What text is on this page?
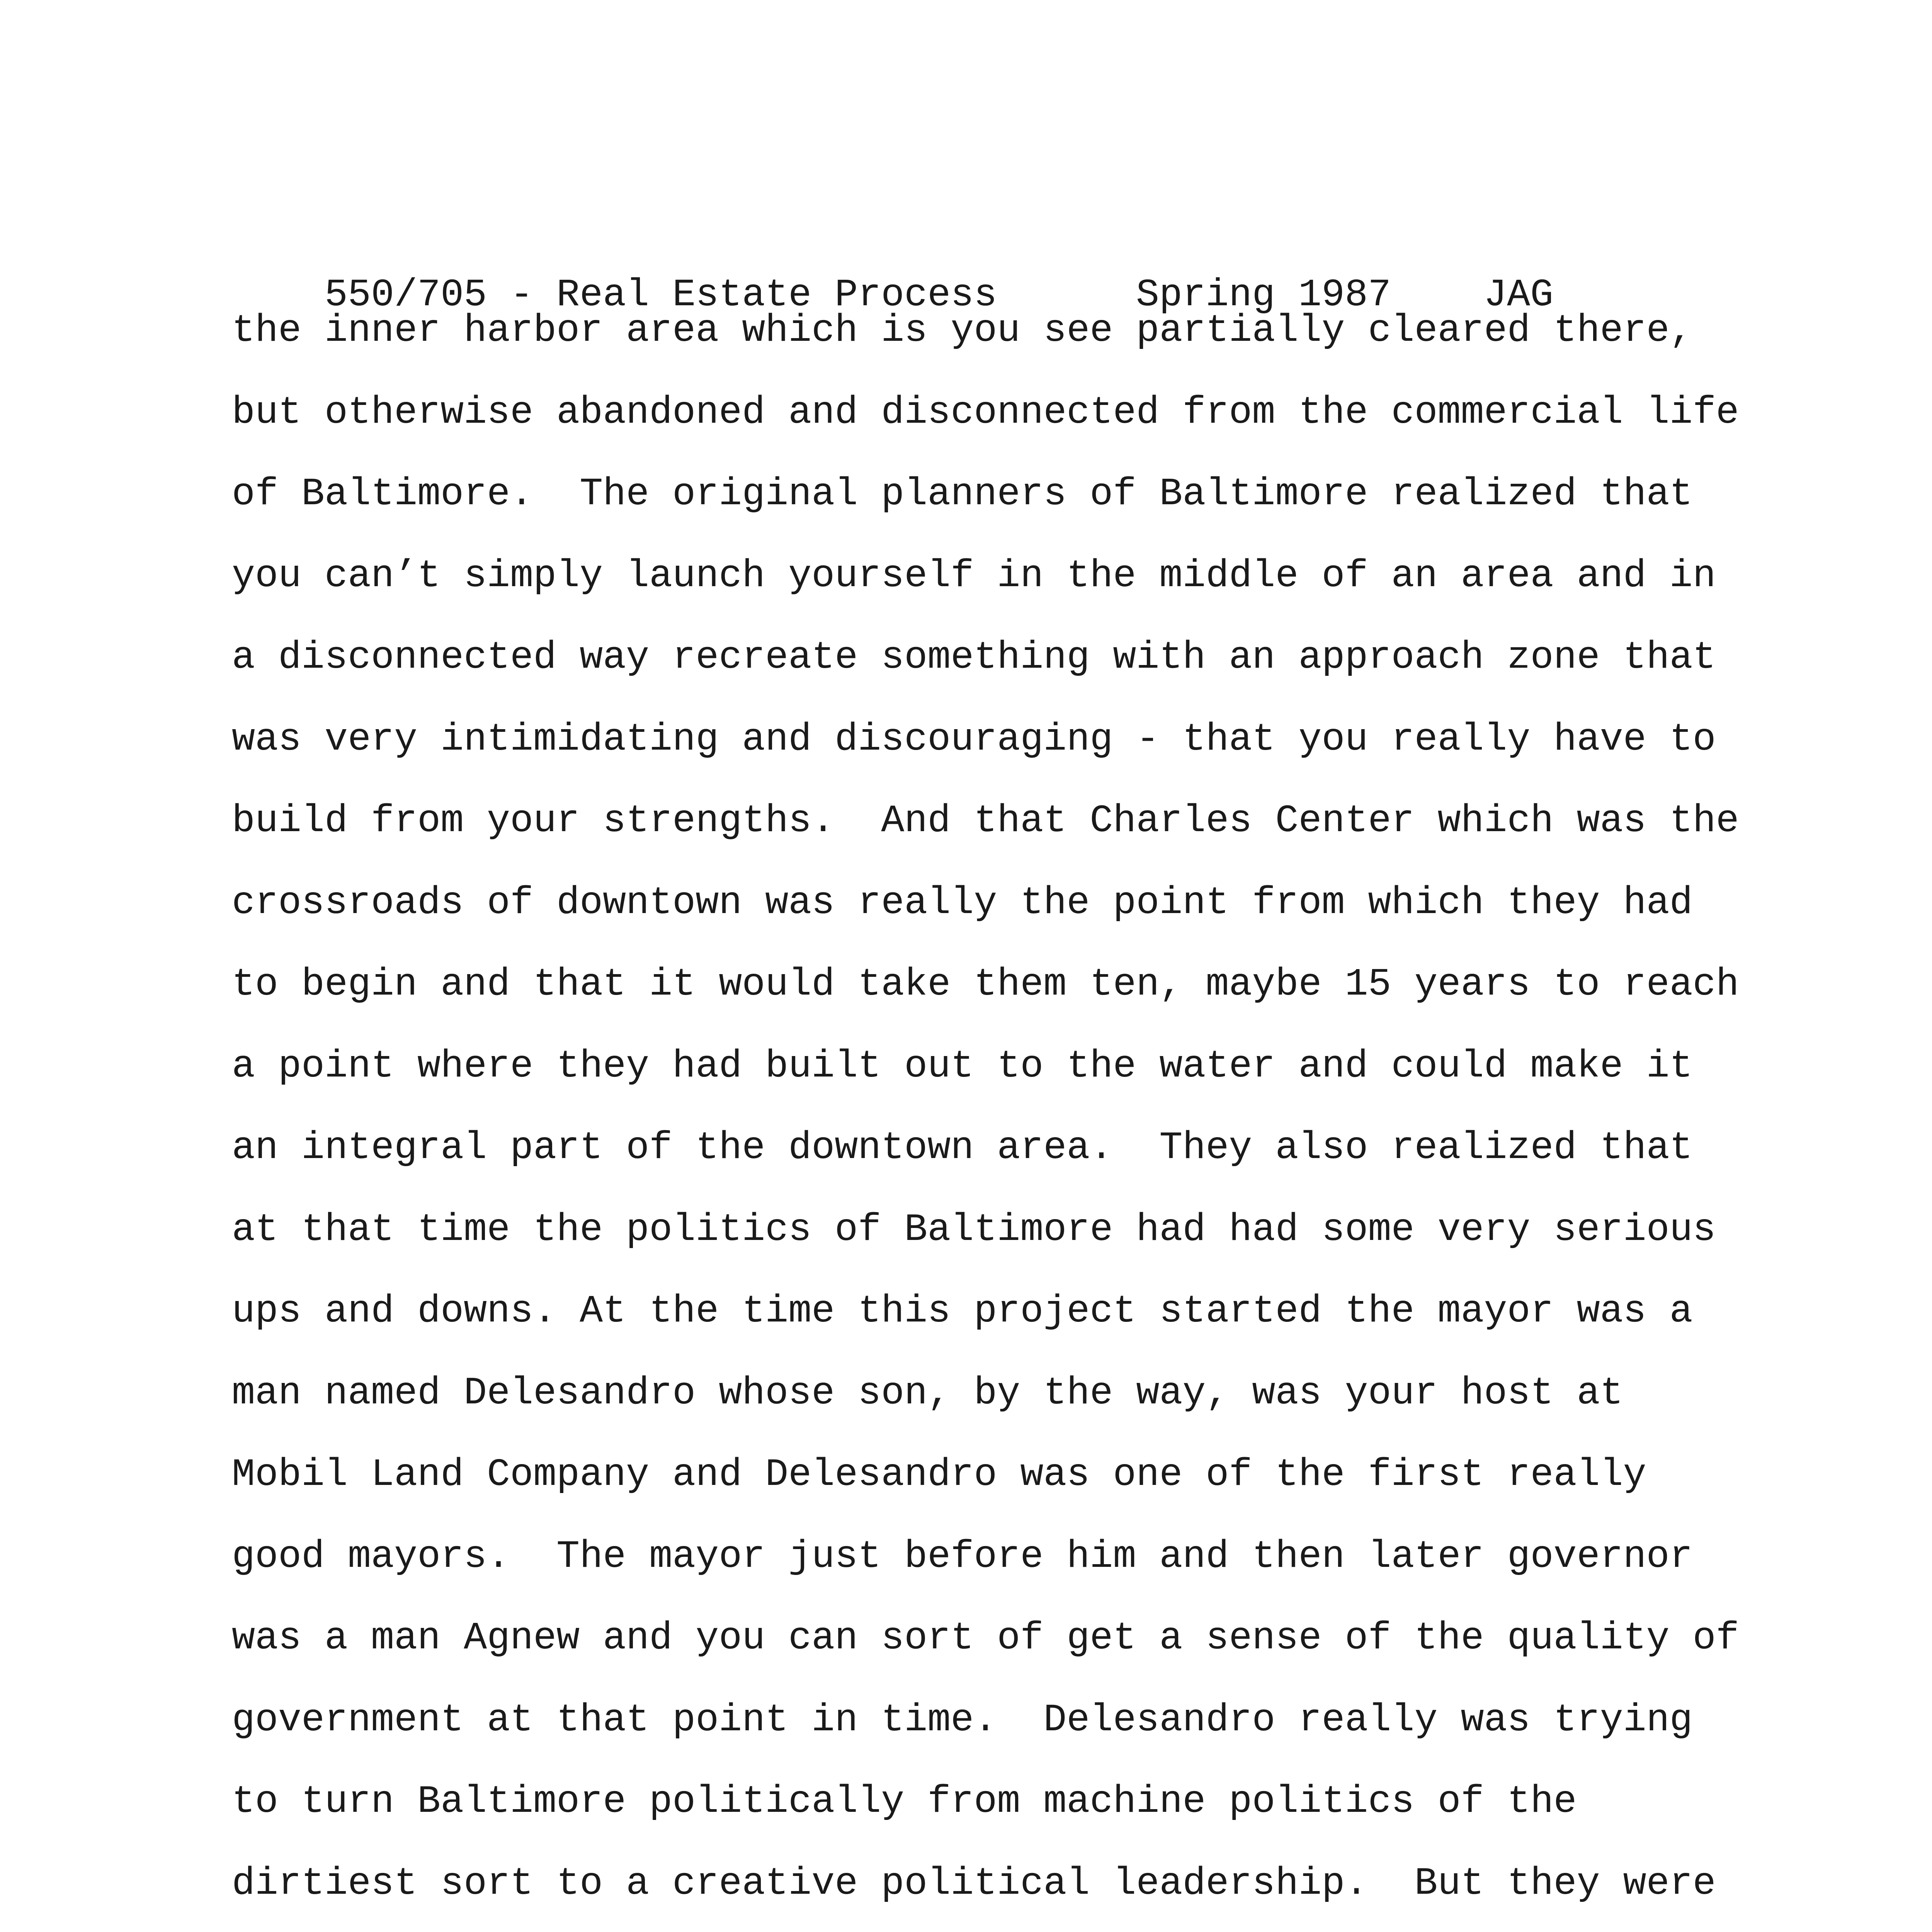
550/705 - Real Estate Process	Spring 1987 JAG

the inner harbor area which is you see partially cleared there,
but otherwise abandoned and disconnected from the commercial life
of Baltimore.  The original planners of Baltimore realized that
you can’t simply launch yourself in the middle of an area and in
a disconnected way recreate something with an approach zone that
was very intimidating and discouraging - that you really have to
build from your strengths.  And that Charles Center which was the
crossroads of downtown was really the point from which they had
to begin and that it would take them ten, maybe 15 years to reach
a point where they had built out to the water and could make it
an integral part of the downtown area.  They also realized that
at that time the politics of Baltimore had had some very serious
ups and downs. At the time this project started the mayor was a
man named Delesandro whose son, by the way, was your host at
Mobil Land Company and Delesandro was one of the first really
good mayors.  The mayor just before him and then later governor
was a man Agnew and you can sort of get a sense of the quality of
government at that point in time.  Delesandro really was trying
to turn Baltimore politically from machine politics of the
dirtiest sort to a creative political leadership.  But they were
